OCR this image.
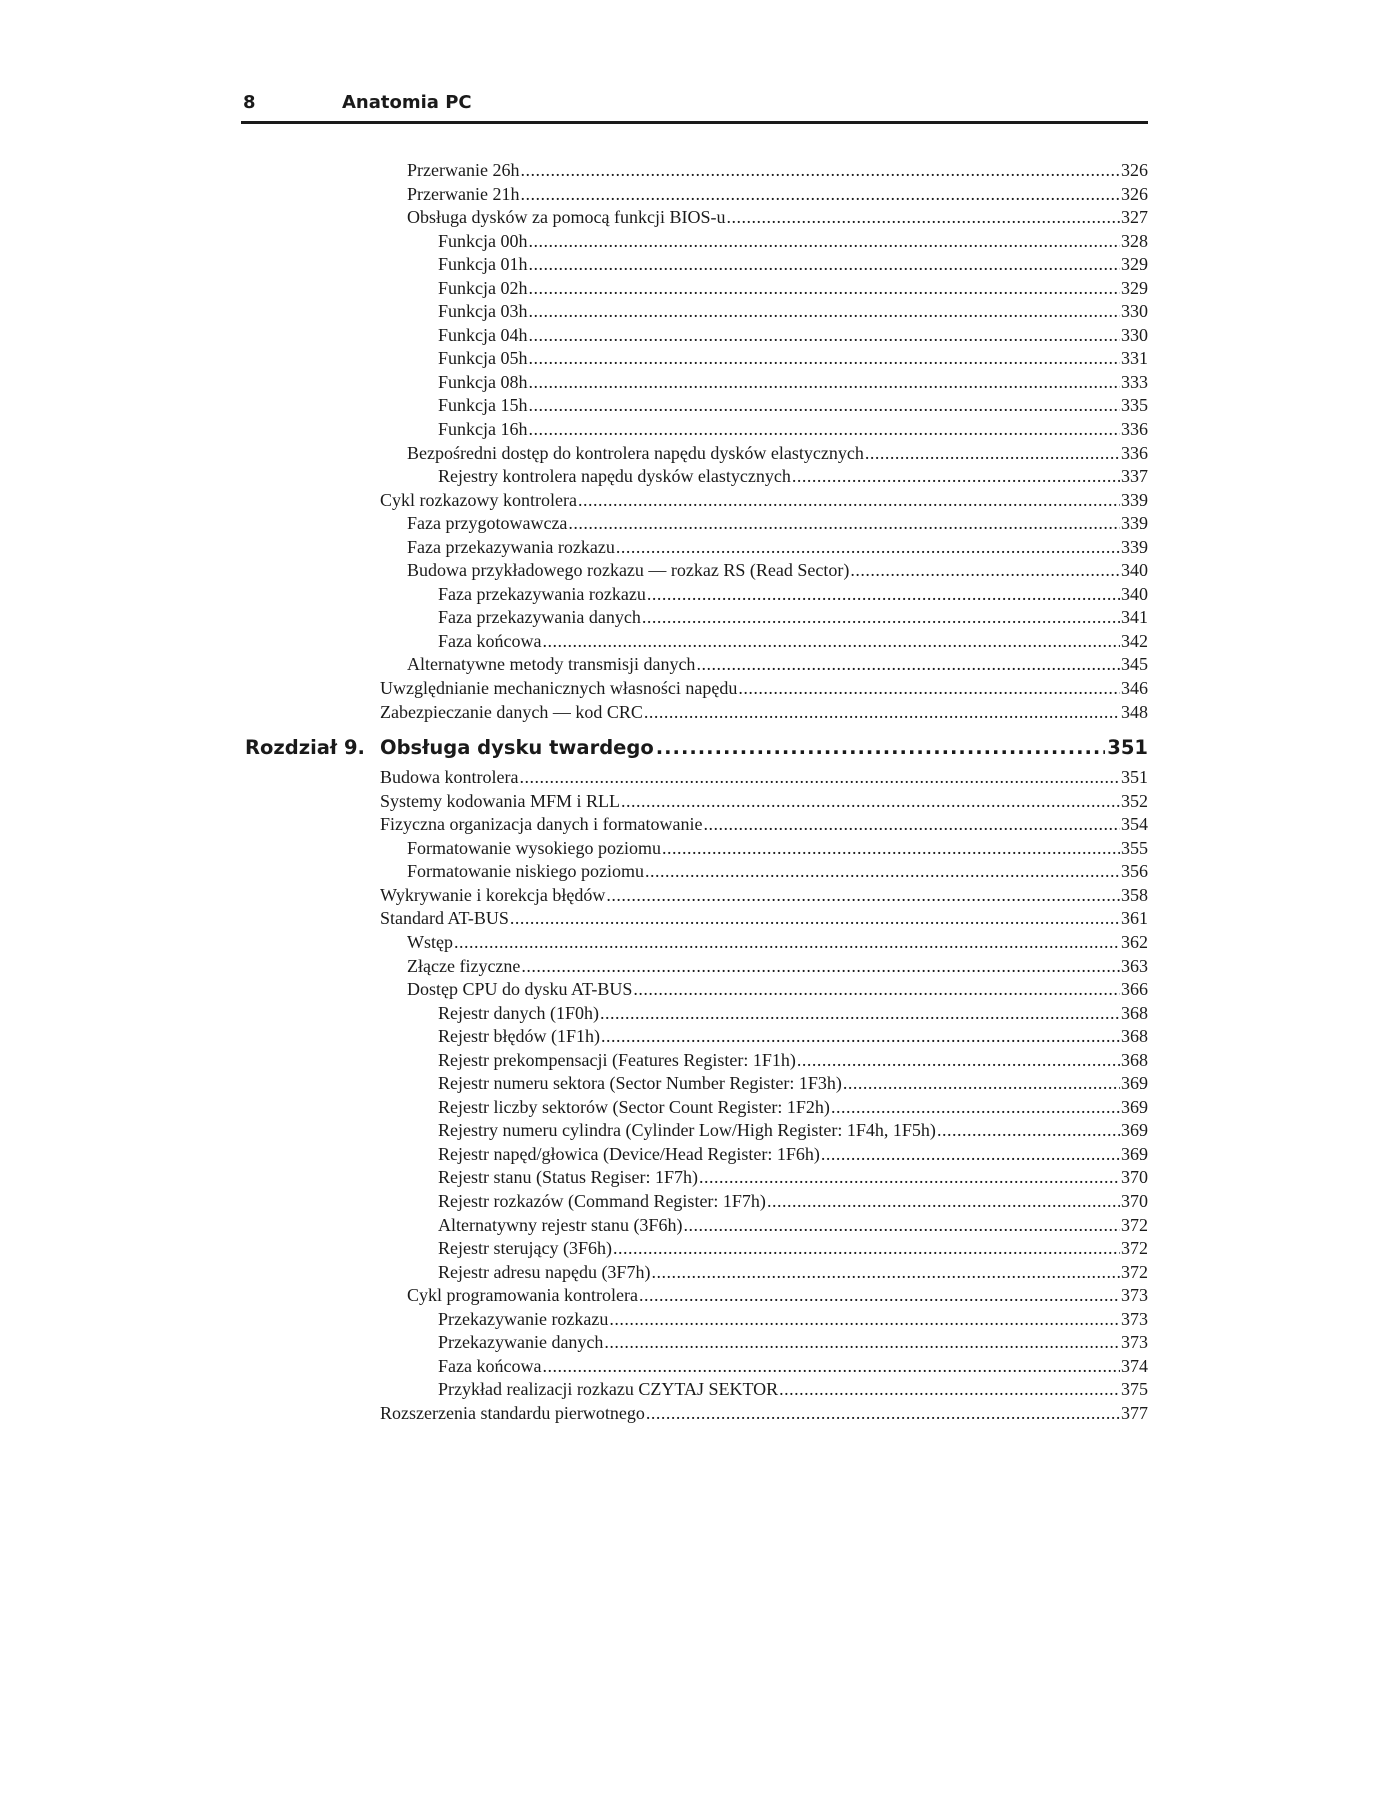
8	Anatomia PC
Przerwanie 26h .....	326
Przerwanie 21h .....	326
Obsługa dysków za pomocą funkcji BIOS-u .....	327
Funkcja 00h .....	328
Funkcja 01h .....	329
Funkcja 02h .....	329
Funkcja 03h .....	330
Funkcja 04h .....	330
Funkcja 05h .....	331
Funkcja 08h .....	333
Funkcja 15h .....	335
Funkcja 16h .....	336
Bezpośredni dostęp do kontrolera napędu dysków elastycznych .....	336
Rejestry kontrolera napędu dysków elastycznych .....	337
Cykl rozkazowy kontrolera .....	339
Faza przygotowawcza .....	339
Faza przekazywania rozkazu .....	339
Budowa przykładowego rozkazu — rozkaz RS (Read Sector) .....	340
Faza przekazywania rozkazu .....	340
Faza przekazywania danych .....	341
Faza końcowa .....	342
Alternatywne metody transmisji danych .....	345
Uwzględnianie mechanicznych własności napędu .....	346
Zabezpieczanie danych — kod CRC .....	348
Rozdział 9. Obsługa dysku twardego .....	351
Budowa kontrolera .....	351
Systemy kodowania MFM i RLL .....	352
Fizyczna organizacja danych i formatowanie .....	354
Formatowanie wysokiego poziomu .....	355
Formatowanie niskiego poziomu .....	356
Wykrywanie i korekcja błędów .....	358
Standard AT-BUS .....	361
Wstęp .....	362
Złącze fizyczne .....	363
Dostęp CPU do dysku AT-BUS .....	366
Rejestr danych (1F0h) .....	368
Rejestr błędów (1F1h) .....	368
Rejestr prekompensacji (Features Register: 1F1h) .....	368
Rejestr numeru sektora (Sector Number Register: 1F3h) .....	369
Rejestr liczby sektorów (Sector Count Register: 1F2h) .....	369
Rejestry numeru cylindra (Cylinder Low/High Register: 1F4h, 1F5h) .....	369
Rejestr napęd/głowica (Device/Head Register: 1F6h) .....	369
Rejestr stanu (Status Regiser: 1F7h) .....	370
Rejestr rozkazów (Command Register: 1F7h) .....	370
Alternatywny rejestr stanu (3F6h) .....	372
Rejestr sterujący (3F6h) .....	372
Rejestr adresu napędu (3F7h) .....	372
Cykl programowania kontrolera .....	373
Przekazywanie rozkazu .....	373
Przekazywanie danych .....	373
Faza końcowa .....	374
Przykład realizacji rozkazu CZYTAJ SEKTOR .....	375
Rozszerzenia standardu pierwotnego .....	377
